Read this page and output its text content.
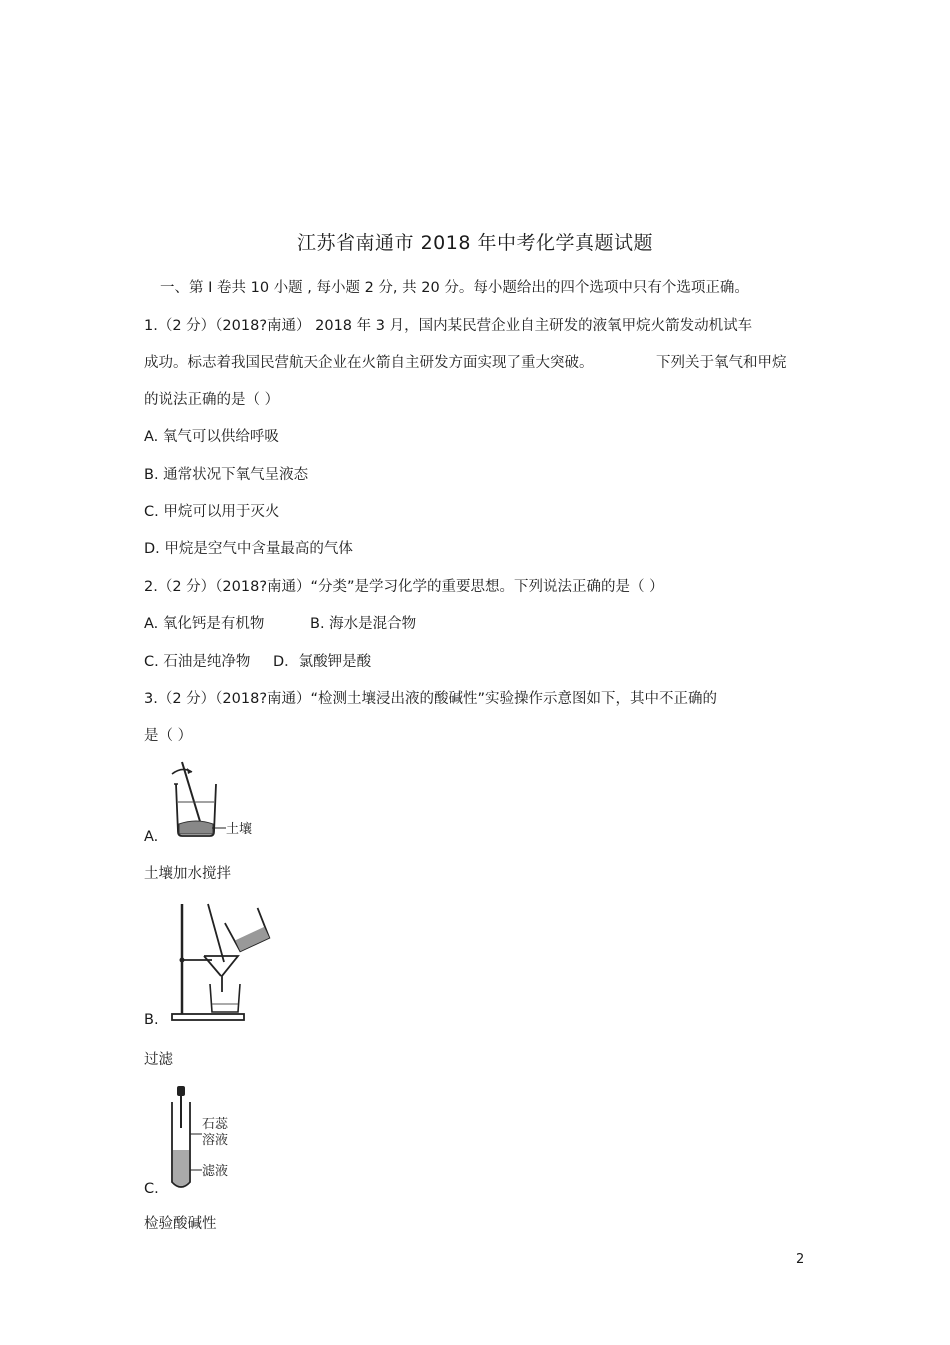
江苏省南通市 2018 年中考化学真题试题
一、第 I 卷共 10 小题 , 每小题 2 分, 共 20 分。每小题给出的四个选项中只有个选项正确。
1.（2 分）（2018?南通） 2018 年 3 月，国内某民营企业自主研发的液氧甲烷火箭发动机试车
成功。标志着我国民营航天企业在火箭自主研发方面实现了重大突破。	下列关于氧气和甲烷
的说法正确的是（ ）
A. 氧气可以供给呼吸
B. 通常状况下氧气呈液态
C. 甲烷可以用于灭火
D. 甲烷是空气中含量最高的气体
2.（2 分）（2018?南通）“分类”是学习化学的重要思想。下列说法正确的是（ ）
A. 氧化钙是有机物	B. 海水是混合物
C. 石油是纯净物 D．氯酸钾是酸
3.（2 分）（2018?南通）“检测土壤浸出液的酸碱性”实验操作示意图如下，其中不正确的
是（ ）
土壤
A.
土壤加水搅拌
B.
过滤
石蕊
溶液
滤液
C.
检验酸碱性
2
